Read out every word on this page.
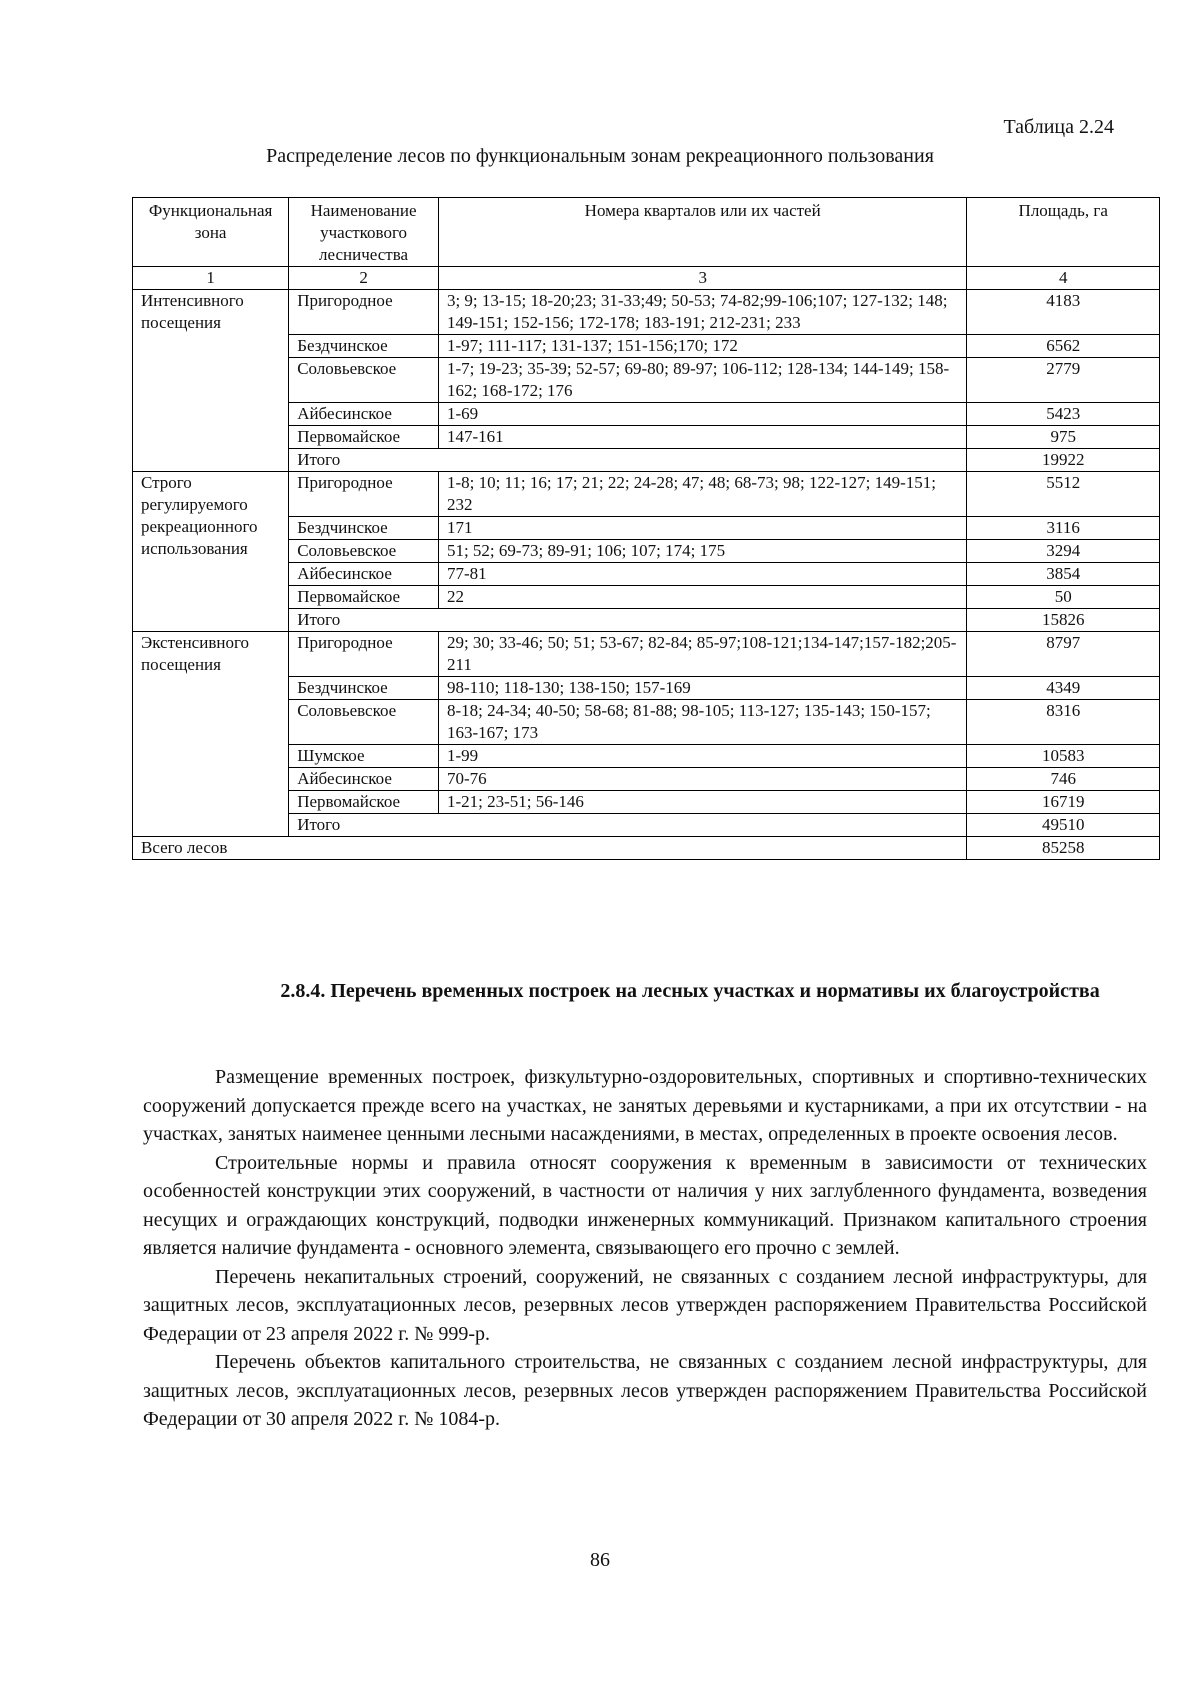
Таблица 2.24
Распределение лесов по функциональным зонам рекреационного пользования
Функциональная зона	Наименование участкового лесничества	Номера кварталов или их частей	Площадь, га
1	2	3	4
Интенсивного посещения	Пригородное	3; 9; 13-15; 18-20;23; 31-33;49; 50-53; 74-82;99-106;107; 127-132; 148; 149-151; 152-156; 172-178; 183-191; 212-231; 233	4183
	Бездчинское	1-97; 111-117; 131-137; 151-156;170; 172	6562
	Соловьевское	1-7; 19-23; 35-39; 52-57; 69-80; 89-97; 106-112; 128-134; 144-149; 158-162; 168-172; 176	2779
	Айбесинское	1-69	5423
	Первомайское	147-161	975
	Итого		19922
Строго регулируемого рекреационного использования	Пригородное	1-8; 10; 11; 16; 17; 21; 22; 24-28; 47; 48; 68-73; 98; 122-127; 149-151; 232	5512
	Бездчинское	171	3116
	Соловьевское	51; 52; 69-73; 89-91; 106; 107; 174; 175	3294
	Айбесинское	77-81	3854
	Первомайское	22	50
	Итого		15826
Экстенсивного посещения	Пригородное	29; 30; 33-46; 50; 51; 53-67; 82-84; 85-97;108-121;134-147;157-182;205-211	8797
	Бездчинское	98-110; 118-130; 138-150; 157-169	4349
	Соловьевское	8-18; 24-34; 40-50; 58-68; 81-88; 98-105; 113-127; 135-143; 150-157; 163-167; 173	8316
	Шумское	1-99	10583
	Айбесинское	70-76	746
	Первомайское	1-21; 23-51; 56-146	16719
	Итого		49510
Всего лесов			85258
2.8.4. Перечень временных построек на лесных участках и нормативы их благоустройства

Размещение временных построек, физкультурно-оздоровительных, спортивных и спортивно-технических сооружений допускается прежде всего на участках, не занятых деревьями и кустарниками, а при их отсутствии - на участках, занятых наименее ценными лесными насаждениями, в местах, определенных в проекте освоения лесов.

Строительные нормы и правила относят сооружения к временным в зависимости от технических особенностей конструкции этих сооружений, в частности от наличия у них заглубленного фундамента, возведения несущих и ограждающих конструкций, подводки инженерных коммуникаций. Признаком капитального строения является наличие фундамента - основного элемента, связывающего его прочно с землей.

Перечень некапитальных строений, сооружений, не связанных с созданием лесной инфраструктуры, для защитных лесов, эксплуатационных лесов, резервных лесов утвержден распоряжением Правительства Российской Федерации от 23 апреля 2022 г. № 999-р.

Перечень объектов капитального строительства, не связанных с созданием лесной инфраструктуры, для защитных лесов, эксплуатационных лесов, резервных лесов утвержден распоряжением Правительства Российской Федерации от 30 апреля 2022 г. № 1084-р.

86
